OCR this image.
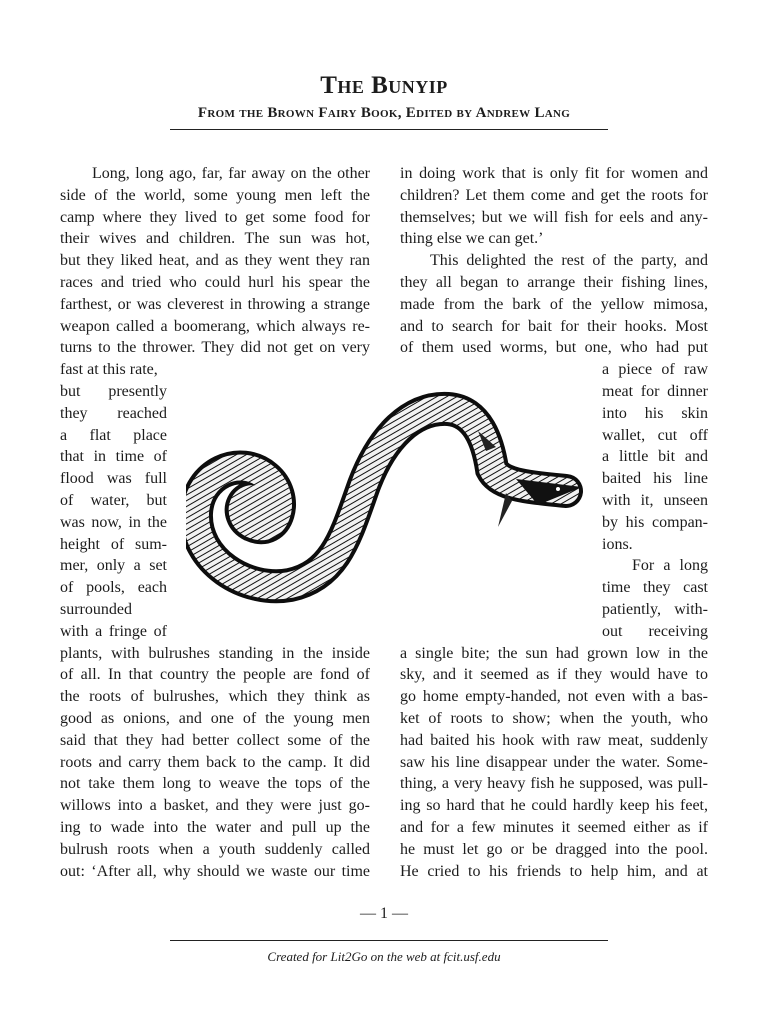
The Bunyip
From the Brown Fairy Book, Edited by Andrew Lang
Long, long ago, far, far away on the other
side of the world, some young men left the
camp where they lived to get some food for
their wives and children. The sun was hot,
but they liked heat, and as they went they ran
races and tried who could hurl his spear the
farthest, or was cleverest in throwing a strange
weapon called a boomerang, which always re-
turns to the thrower. They did not get on very
fast at this rate,
but presently
they reached
a flat place
that in time of
flood was full
of water, but
was now, in the
height of sum-
mer, only a set
of pools, each
surrounded
with a fringe of
plants, with bulrushes standing in the inside
of all. In that country the people are fond of
the roots of bulrushes, which they think as
good as onions, and one of the young men
said that they had better collect some of the
roots and carry them back to the camp. It did
not take them long to weave the tops of the
willows into a basket, and they were just go-
ing to wade into the water and pull up the
bulrush roots when a youth suddenly called
out: ‘After all, why should we waste our time
in doing work that is only fit for women and
children? Let them come and get the roots for
themselves; but we will fish for eels and any-
thing else we can get.’
This delighted the rest of the party, and
they all began to arrange their fishing lines,
made from the bark of the yellow mimosa,
and to search for bait for their hooks. Most
of them used worms, but one, who had put
a piece of raw
meat for dinner
into his skin
wallet, cut off
a little bit and
baited his line
with it, unseen
by his compan-
ions.
For a long
time they cast
patiently, with-
out receiving
a single bite; the sun had grown low in the
sky, and it seemed as if they would have to
go home empty-handed, not even with a bas-
ket of roots to show; when the youth, who
had baited his hook with raw meat, suddenly
saw his line disappear under the water. Some-
thing, a very heavy fish he supposed, was pull-
ing so hard that he could hardly keep his feet,
and for a few minutes it seemed either as if
he must let go or be dragged into the pool.
He cried to his friends to help him, and at
— 1 —
Created for Lit2Go on the web at fcit.usf.edu
